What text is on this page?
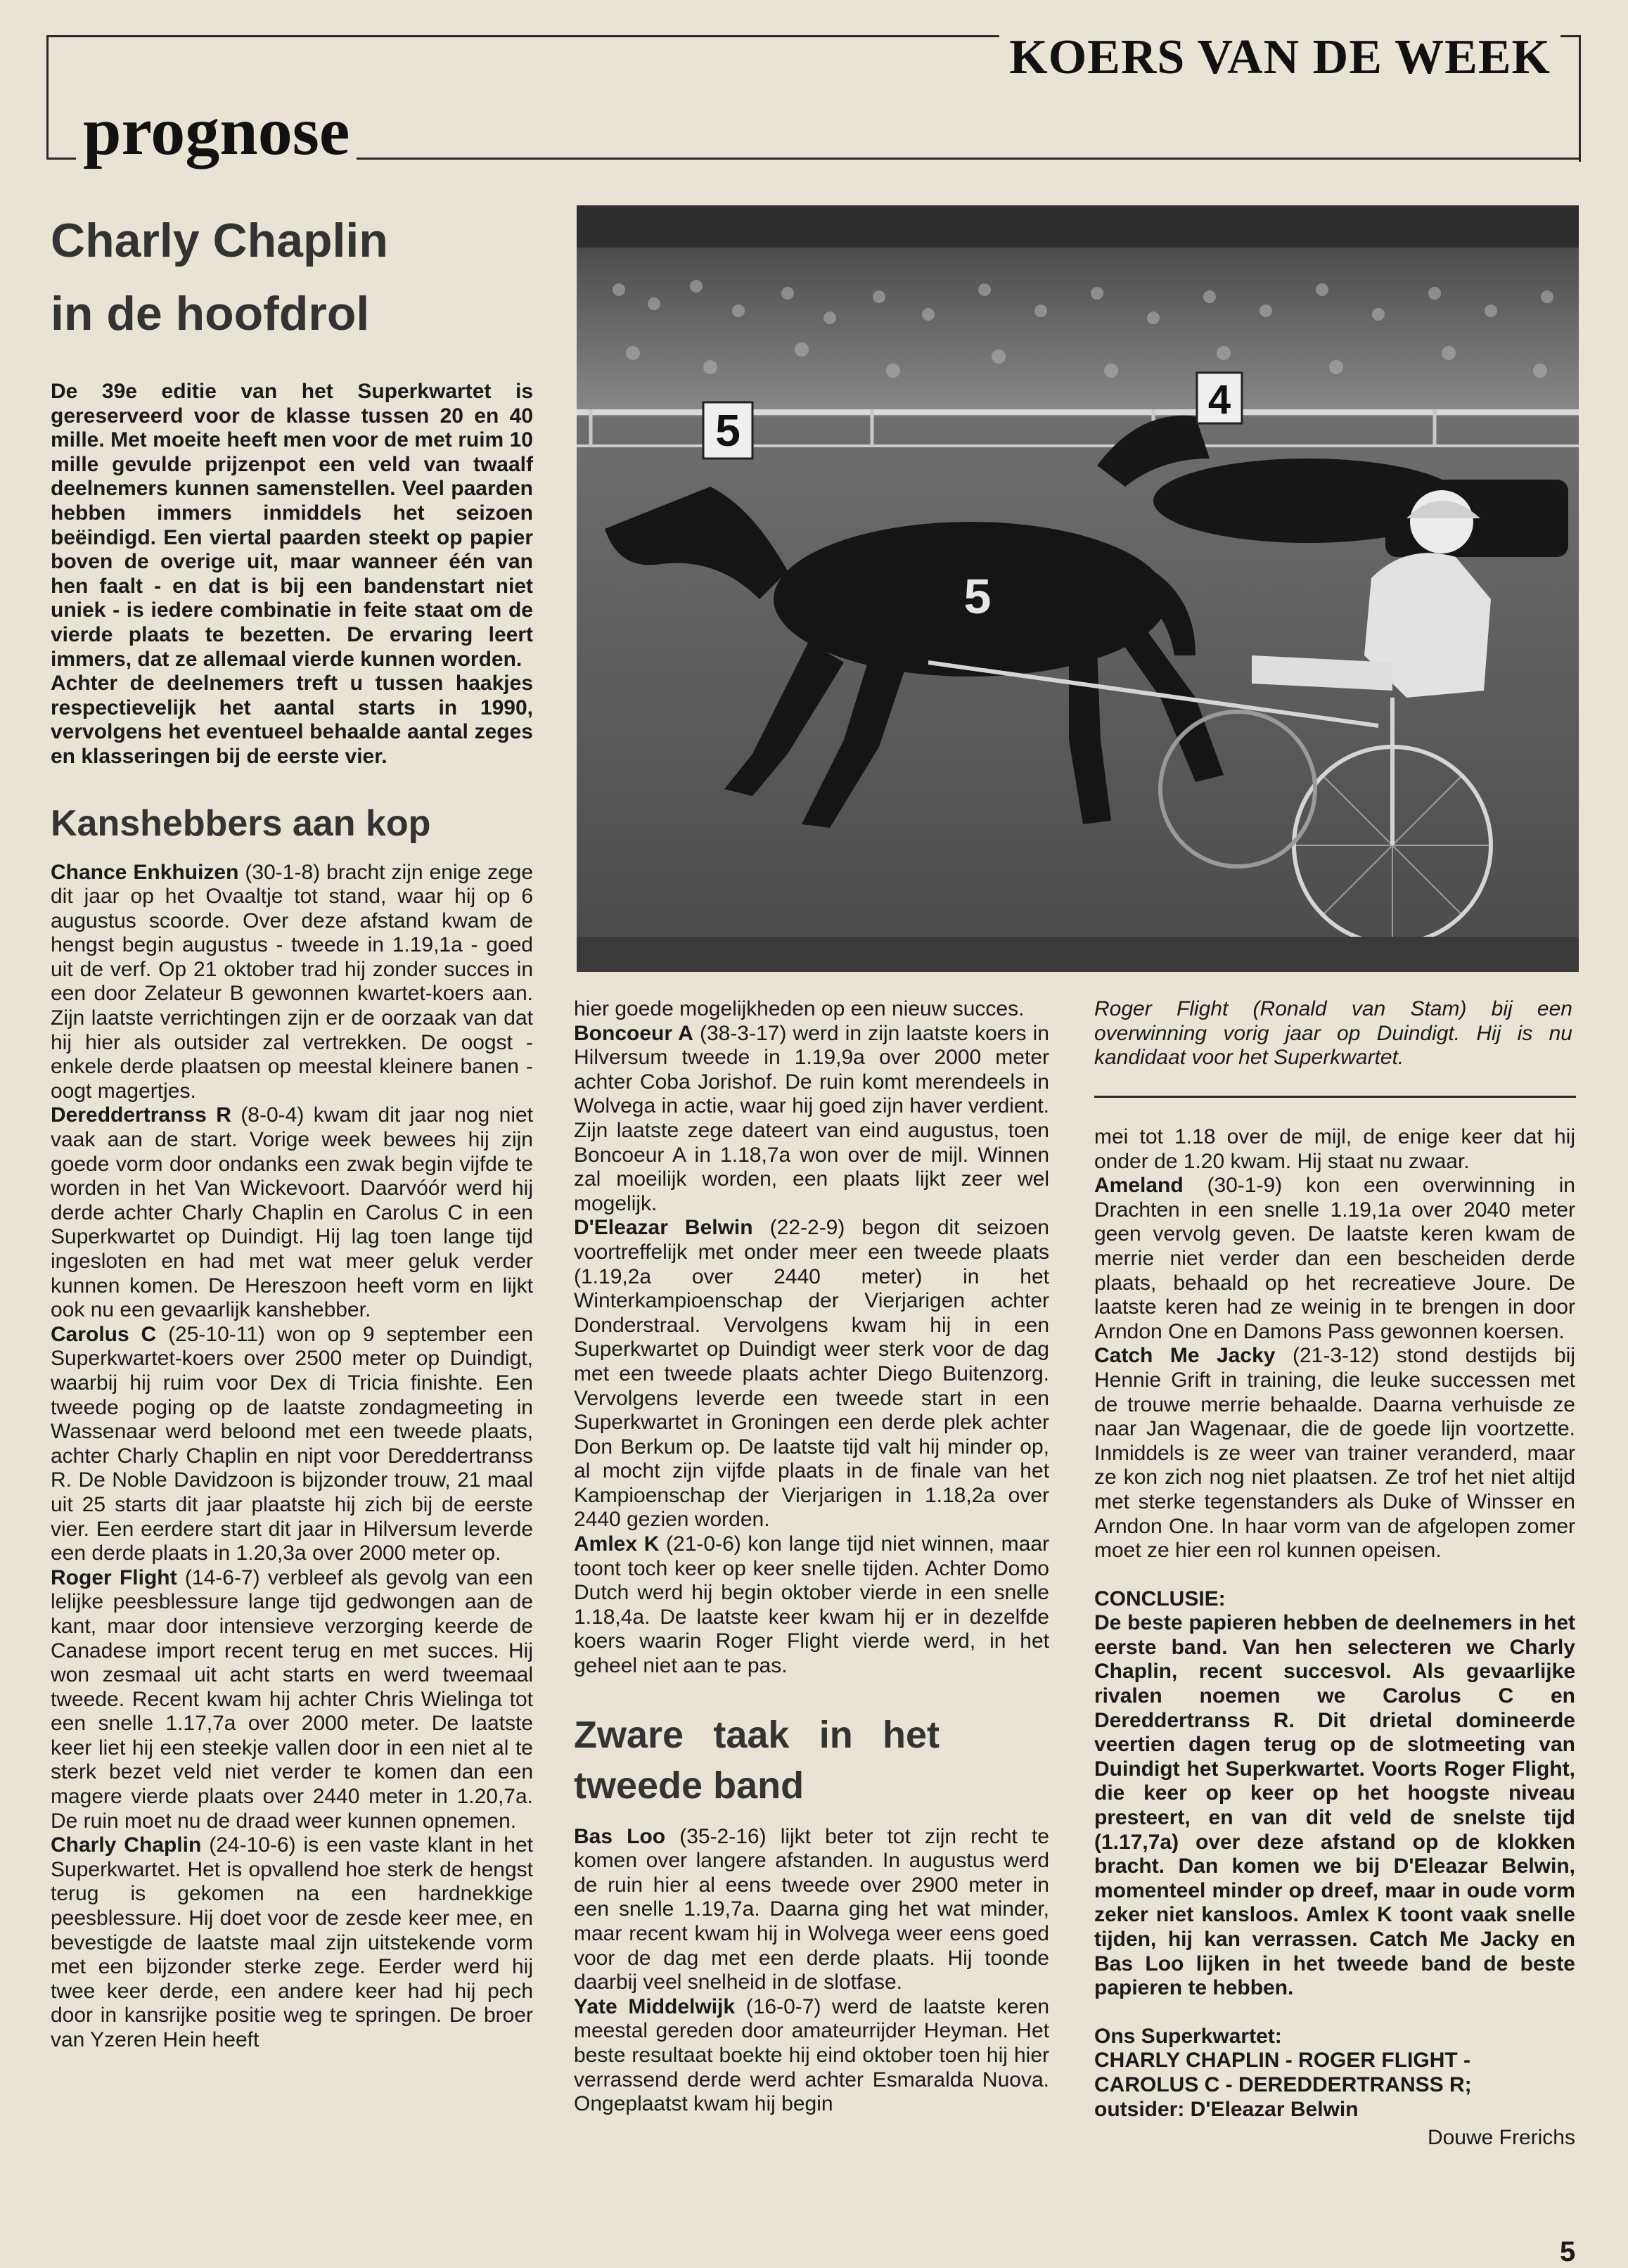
KOERS VAN DE WEEK
prognose
Charly Chaplin
in de hoofdrol

De 39e editie van het Superkwartet is gereserveerd voor de klasse tussen 20 en 40 mille. Met moeite heeft men voor de met ruim 10 mille gevulde prijzenpot een veld van twaalf deelnemers kunnen samenstellen. Veel paarden hebben immers inmiddels het seizoen beëindigd. Een viertal paarden steekt op papier boven de overige uit, maar wanneer één van hen faalt - en dat is bij een bandenstart niet uniek - is iedere combinatie in feite staat om de vierde plaats te bezetten. De ervaring leert immers, dat ze allemaal vierde kunnen worden.

Achter de deelnemers treft u tussen haakjes respectievelijk het aantal starts in 1990, vervolgens het eventueel behaalde aantal zeges en klasseringen bij de eerste vier.

Kanshebbers aan kop

Chance Enkhuizen (30-1-8) bracht zijn enige zege dit jaar op het Ovaaltje tot stand, waar hij op 6 augustus scoorde. Over deze afstand kwam de hengst begin augustus - tweede in 1.19,1a - goed uit de verf. Op 21 oktober trad hij zonder succes in een door Zelateur B gewonnen kwartet-koers aan. Zijn laatste verrichtingen zijn er de oorzaak van dat hij hier als outsider zal vertrekken. De oogst - enkele derde plaatsen op meestal kleinere banen - oogt magertjes.

Dereddertranss R (8-0-4) kwam dit jaar nog niet vaak aan de start. Vorige week bewees hij zijn goede vorm door ondanks een zwak begin vijfde te worden in het Van Wickevoort. Daarvóór werd hij derde achter Charly Chaplin en Carolus C in een Superkwartet op Duindigt. Hij lag toen lange tijd ingesloten en had met wat meer geluk verder kunnen komen. De Hereszoon heeft vorm en lijkt ook nu een gevaarlijk kanshebber.

Carolus C (25-10-11) won op 9 september een Superkwartet-koers over 2500 meter op Duindigt, waarbij hij ruim voor Dex di Tricia finishte. Een tweede poging op de laatste zondagmeeting in Wassenaar werd beloond met een tweede plaats, achter Charly Chaplin en nipt voor Dereddertranss R. De Noble Davidzoon is bijzonder trouw, 21 maal uit 25 starts dit jaar plaatste hij zich bij de eerste vier. Een eerdere start dit jaar in Hilversum leverde een derde plaats in 1.20,3a over 2000 meter op.

Roger Flight (14-6-7) verbleef als gevolg van een lelijke peesblessure lange tijd gedwongen aan de kant, maar door intensieve verzorging keerde de Canadese import recent terug en met succes. Hij won zesmaal uit acht starts en werd tweemaal tweede. Recent kwam hij achter Chris Wielinga tot een snelle 1.17,7a over 2000 meter. De laatste keer liet hij een steekje vallen door in een niet al te sterk bezet veld niet verder te komen dan een magere vierde plaats over 2440 meter in 1.20,7a. De ruin moet nu de draad weer kunnen opnemen.

Charly Chaplin (24-10-6) is een vaste klant in het Superkwartet. Het is opvallend hoe sterk de hengst terug is gekomen na een hardnekkige peesblessure. Hij doet voor de zesde keer mee, en bevestigde de laatste maal zijn uitstekende vorm met een bijzonder sterke zege. Eerder werd hij twee keer derde, een andere keer had hij pech door in kansrijke positie weg te springen. De broer van Yzeren Hein heeft

5
4
5

hier goede mogelijkheden op een nieuw succes.

Boncoeur A (38-3-17) werd in zijn laatste koers in Hilversum tweede in 1.19,9a over 2000 meter achter Coba Jorishof. De ruin komt merendeels in Wolvega in actie, waar hij goed zijn haver verdient. Zijn laatste zege dateert van eind augustus, toen Boncoeur A in 1.18,7a won over de mijl. Winnen zal moeilijk worden, een plaats lijkt zeer wel mogelijk.

D'Eleazar Belwin (22-2-9) begon dit seizoen voortreffelijk met onder meer een tweede plaats (1.19,2a over 2440 meter) in het Winterkampioenschap der Vierjarigen achter Donderstraal. Vervolgens kwam hij in een Superkwartet op Duindigt weer sterk voor de dag met een tweede plaats achter Diego Buitenzorg. Vervolgens leverde een tweede start in een Superkwartet in Groningen een derde plek achter Don Berkum op. De laatste tijd valt hij minder op, al mocht zijn vijfde plaats in de finale van het Kampioenschap der Vierjarigen in 1.18,2a over 2440 gezien worden.

Amlex K (21-0-6) kon lange tijd niet winnen, maar toont toch keer op keer snelle tijden. Achter Domo Dutch werd hij begin oktober vierde in een snelle 1.18,4a. De laatste keer kwam hij er in dezelfde koers waarin Roger Flight vierde werd, in het geheel niet aan te pas.

Zware taak in het tweede band

Bas Loo (35-2-16) lijkt beter tot zijn recht te komen over langere afstanden. In augustus werd de ruin hier al eens tweede over 2900 meter in een snelle 1.19,7a. Daarna ging het wat minder, maar recent kwam hij in Wolvega weer eens goed voor de dag met een derde plaats. Hij toonde daarbij veel snelheid in de slotfase.

Yate Middelwijk (16-0-7) werd de laatste keren meestal gereden door amateurrijder Heyman. Het beste resultaat boekte hij eind oktober toen hij hier verrassend derde werd achter Esmaralda Nuova. Ongeplaatst kwam hij begin

Roger Flight (Ronald van Stam) bij een overwinning vorig jaar op Duindigt. Hij is nu kandidaat voor het Superkwartet.

mei tot 1.18 over de mijl, de enige keer dat hij onder de 1.20 kwam. Hij staat nu zwaar.

Ameland (30-1-9) kon een overwinning in Drachten in een snelle 1.19,1a over 2040 meter geen vervolg geven. De laatste keren kwam de merrie niet verder dan een bescheiden derde plaats, behaald op het recreatieve Joure. De laatste keren had ze weinig in te brengen in door Arndon One en Damons Pass gewonnen koersen.

Catch Me Jacky (21-3-12) stond destijds bij Hennie Grift in training, die leuke successen met de trouwe merrie behaalde. Daarna verhuisde ze naar Jan Wagenaar, die de goede lijn voortzette. Inmiddels is ze weer van trainer veranderd, maar ze kon zich nog niet plaatsen. Ze trof het niet altijd met sterke tegenstanders als Duke of Winsser en Arndon One. In haar vorm van de afgelopen zomer moet ze hier een rol kunnen opeisen.

CONCLUSIE:

De beste papieren hebben de deelnemers in het eerste band. Van hen selecteren we Charly Chaplin, recent succesvol. Als gevaarlijke rivalen noemen we Carolus C en Dereddertranss R. Dit drietal domineerde veertien dagen terug op de slotmeeting van Duindigt het Superkwartet. Voorts Roger Flight, die keer op keer op het hoogste niveau presteert, en van dit veld de snelste tijd (1.17,7a) over deze afstand op de klokken bracht. Dan komen we bij D'Eleazar Belwin, momenteel minder op dreef, maar in oude vorm zeker niet kansloos. Amlex K toont vaak snelle tijden, hij kan verrassen. Catch Me Jacky en Bas Loo lijken in het tweede band de beste papieren te hebben.

Ons Superkwartet:

CHARLY CHAPLIN - ROGER FLIGHT -

CAROLUS C - DEREDDERTRANSS R;

outsider: D'Eleazar Belwin

Douwe Frerichs

5
